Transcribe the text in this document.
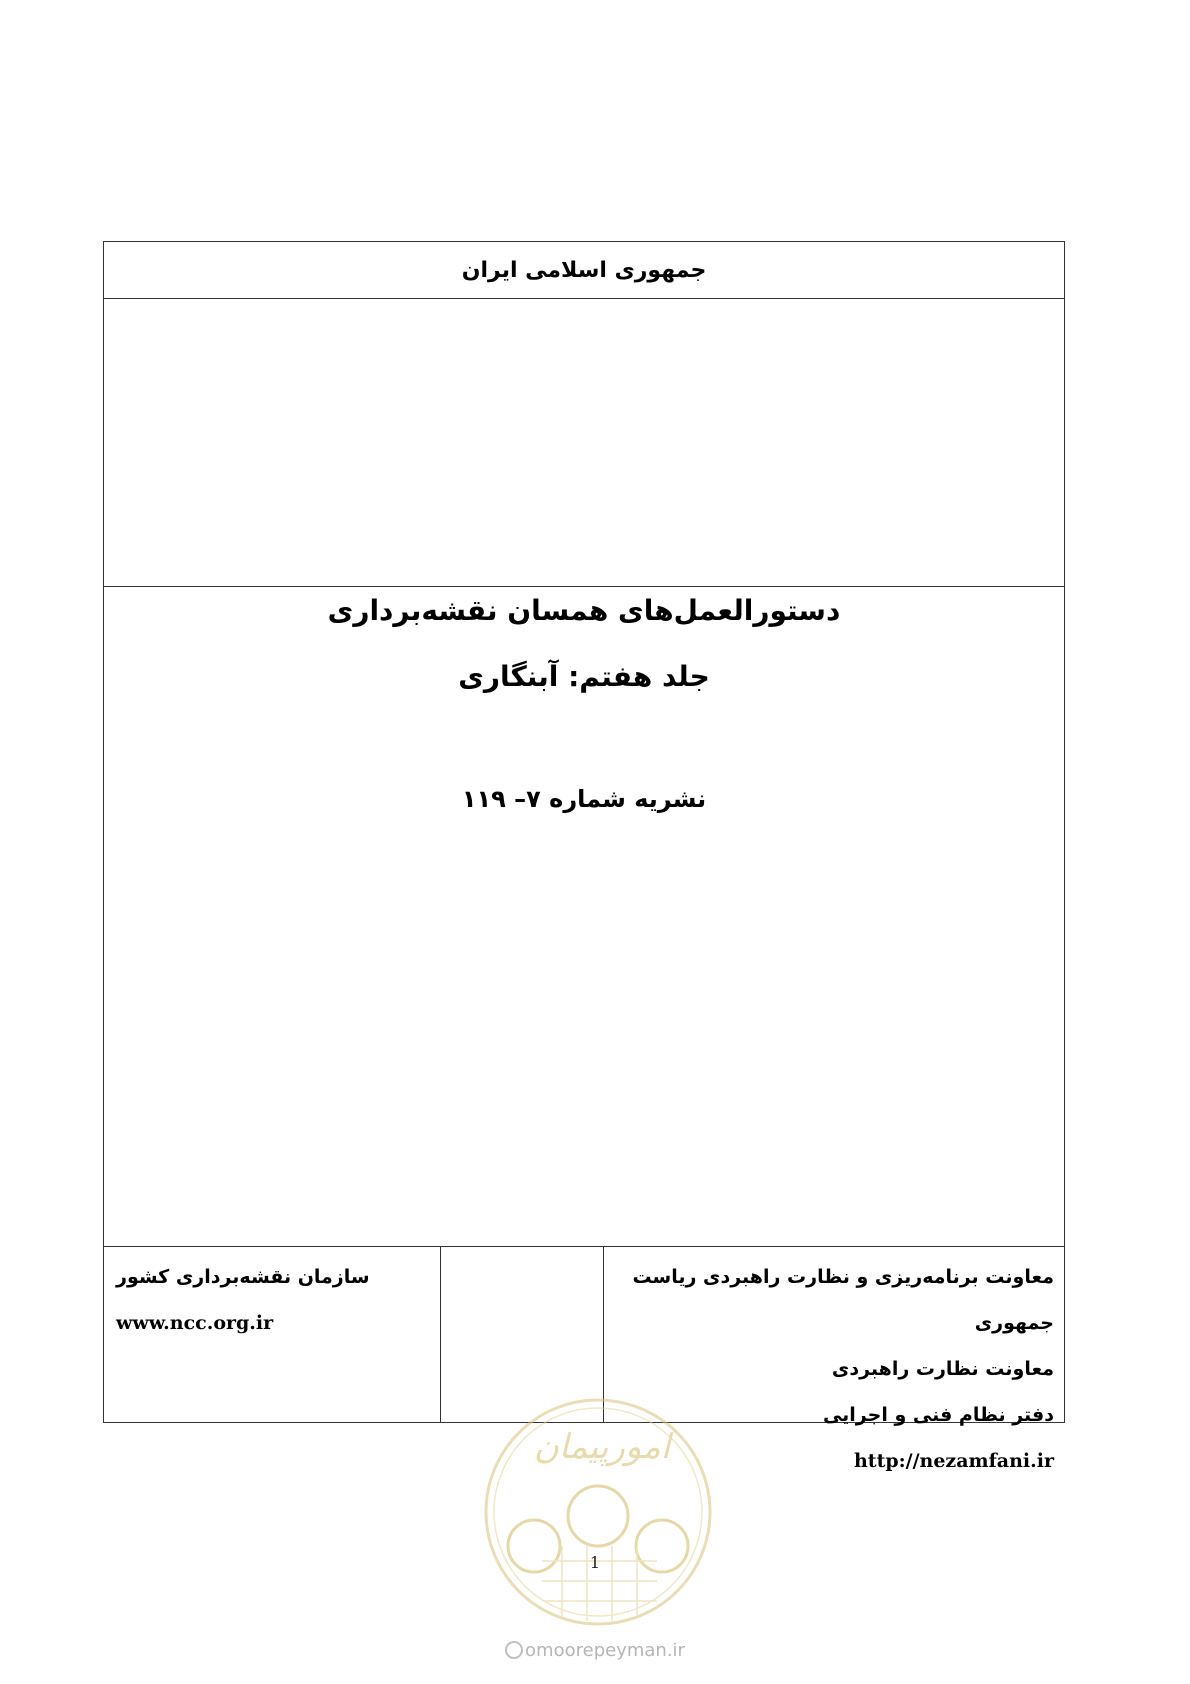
جمهوری اسلامی ایران
دستورالعمل‌های همسان نقشه‌برداری
جلد هفتم: آبنگاری
نشریه شماره ۷– ۱۱۹
معاونت برنامه‌ریزی و نظارت راهبردی ریاست جمهوری
معاونت نظارت راهبردی
دفتر نظام فنی و اجرایی
http://nezamfani.ir
سازمان نقشه‌برداری کشور
www.ncc.org.ir
امورپیمان
1
omoorepeyman.ir
